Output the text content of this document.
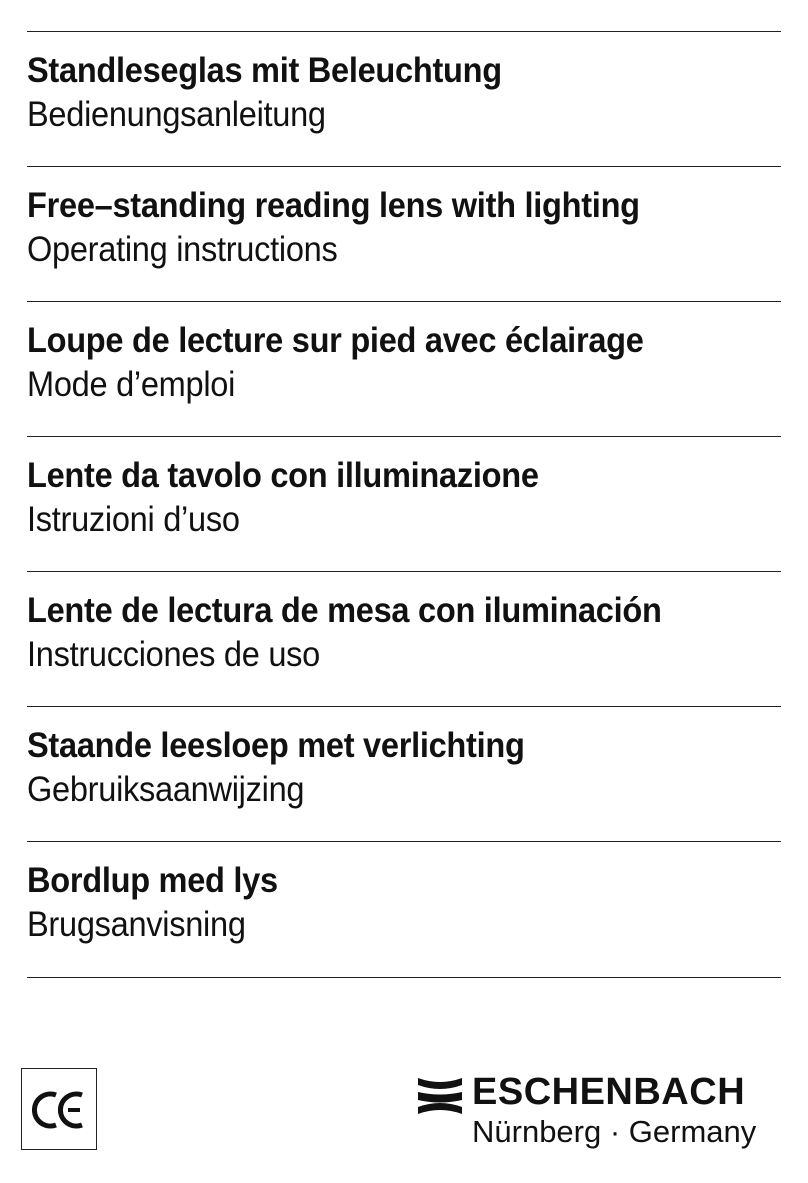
Standleseglas mit Beleuchtung
Bedienungsanleitung
Free–standing reading lens with lighting
Operating instructions
Loupe de lecture sur pied avec éclairage
Mode d’emploi
Lente da tavolo con illuminazione
Istruzioni d’uso
Lente de lectura de mesa con iluminación
Instrucciones de uso
Staande leesloep met verlichting
Gebruiksaanwijzing
Bordlup med lys
Brugsanvisning
ESCHENBACH
Nürnberg · Germany
